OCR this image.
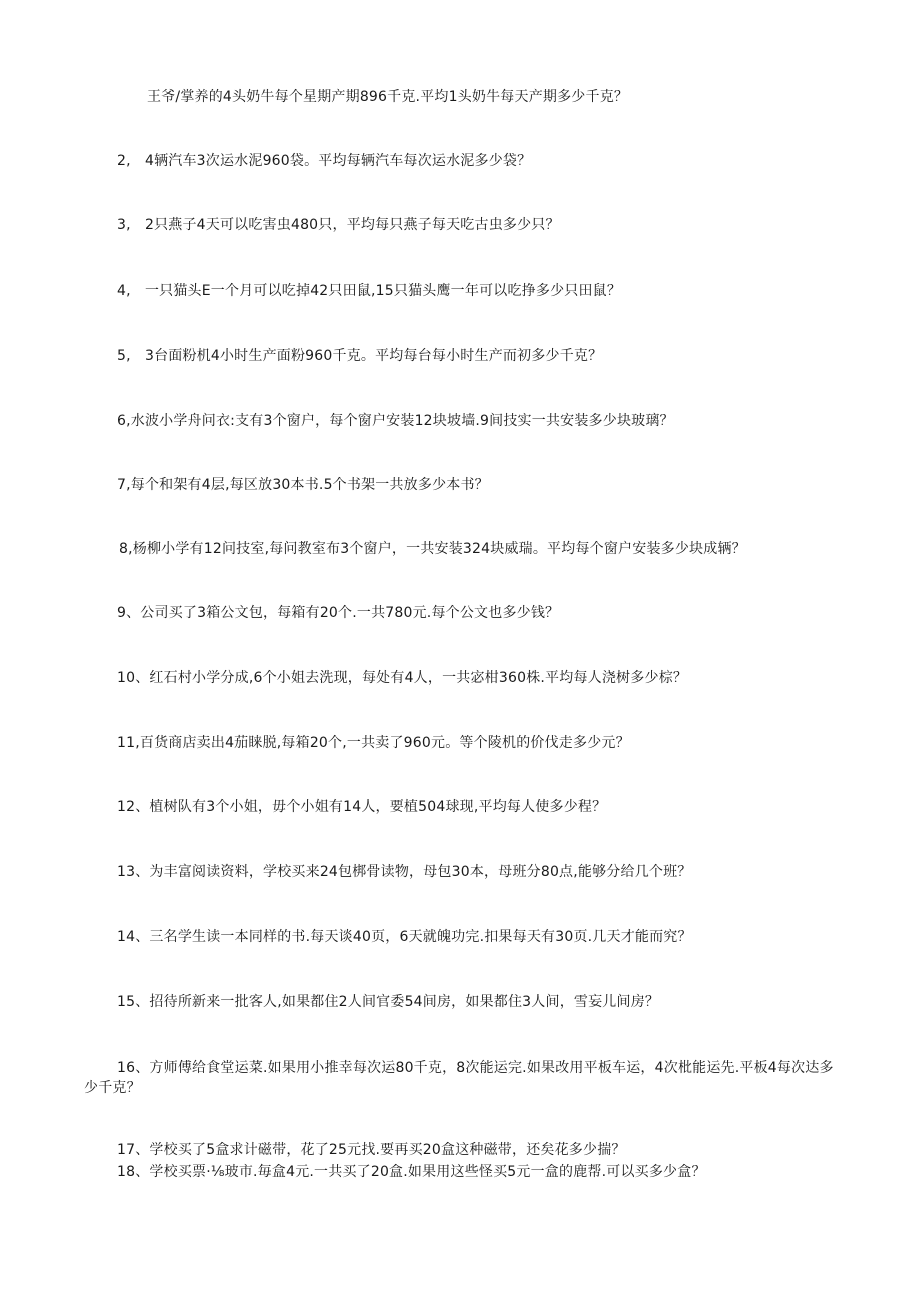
王爷/掌养的4头奶牛每个星期产期896千克.平均1头奶牛每天产期多少千克？
2,　4辆汽车3次运水泥960袋。平均每辆汽车每次运水泥多少袋？
3,　2只燕子4天可以吃害虫480只，平均每只燕子每天吃古虫多少只？
4,　一只猫头E一个月可以吃掉42只田鼠,15只猫头鹰一年可以吃挣多少只田鼠？
5,　3台面粉机4小时生产面粉960千克。平均每台每小时生产而初多少千克？
6,水波小学舟问衣:支有3个窗户，每个窗户安装12块坡墙.9间技实一共安装多少块玻璃？
7,每个和架有4层,每区放30本书.5个书架一共放多少本书？
8,杨柳小学有12问技室,每问教室布3个窗户，一共安装324块威瑞。平均每个窗户安装多少块成辆？
9、公司买了3箱公文包，每箱有20个.一共780元.每个公文也多少钱？
10、红石村小学分成,6个小姐去洗现，每处有4人，一共宓柑360株.平均每人浇树多少棕？
11,百货商店卖出4茄睐脱,每箱20个,一共卖了960元。等个陵机的价伐走多少元？
12、植树队有3个小姐，毋个小姐有14人，要植504球现,平均每人使多少程？
13、为丰富阅读资料，学校买来24包梆骨读物，母包30本，母班分80点,能够分给几个班？
14、三名学生读一本同样的书.每天谈40页，6天就魄功完.扣果每天有30页.几天才能而究？
15、招待所新来一批客人,如果都住2人间官委54间房，如果都住3人间，雪妄儿间房？
16、方师傅给食堂运菜.如果用小推幸每次运80千克，8次能运完.如果改用平板车运，4次枇能运先.平板4每次达多少千克？
17、学校买了5盒求计磁带，花了25元找.要再买20盒这种磁带，还矣花多少揣？
18、学校买票·⅛玻市.毎盒4元.一共买了20盒.如果用这些怪买5元一盒的鹿帮.可以买多少盒？
